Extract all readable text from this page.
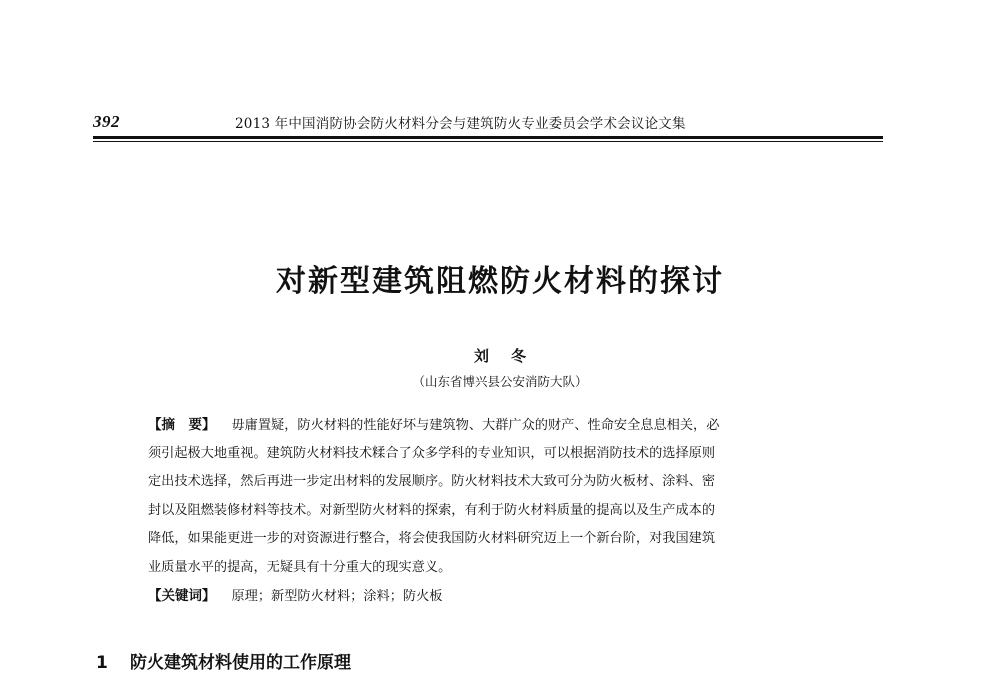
392	2013 年中国消防协会防火材料分会与建筑防火专业委员会学术会议论文集
对新型建筑阻燃防火材料的探讨
刘冬
（山东省博兴县公安消防大队）
【摘　要】 毋庸置疑，防火材料的性能好坏与建筑物、大群广众的财产、性命安全息息相关，必
须引起极大地重视。建筑防火材料技术糅合了众多学科的专业知识，可以根据消防技术的选择原则
定出技术选择，然后再进一步定出材料的发展顺序。防火材料技术大致可分为防火板材、涂料、密
封以及阻燃装修材料等技术。对新型防火材料的探索，有利于防火材料质量的提高以及生产成本的
降低，如果能更进一步的对资源进行整合，将会使我国防火材料研究迈上一个新台阶，对我国建筑
业质量水平的提高，无疑具有十分重大的现实意义。
【关键词】 原理；新型防火材料；涂料；防火板
1 防火建筑材料使用的工作原理
